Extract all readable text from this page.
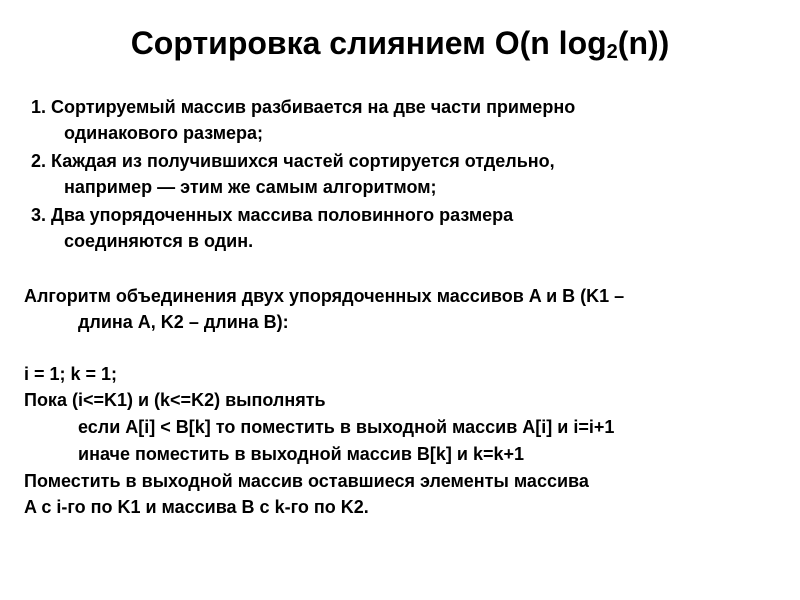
Сортировка слиянием O(n $\log_2(n)$)
1. Сортируемый массив разбивается на две части примерно
одинакового размера;
2. Каждая из получившихся частей сортируется отдельно,
например — этим же самым алгоритмом;
3. Два упорядоченных массива половинного размера
соединяются в один.
Алгоритм объединения двух упорядоченных массивов A и B (K1 –
длина A, K2 – длина B):
i = 1; k = 1;
Пока (i<=K1) и (k<=K2) выполнять
если A[i] < B[k] то поместить в выходной массив A[i] и i=i+1
иначе поместить в выходной массив B[k] и k=k+1
Поместить в выходной массив оставшиеся элементы массива
A с i-го по K1 и массива B с k-го по K2.
